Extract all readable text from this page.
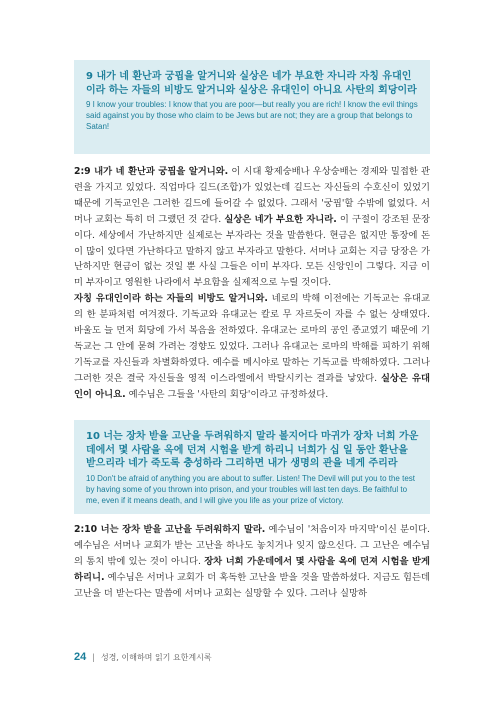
9 내가 네 환난과 궁핍을 알거니와 실상은 네가 부요한 자니라 자칭 유대인이라 하는 자들의 비방도 알거니와 실상은 유대인이 아니요 사탄의 회당이라

9 I know your troubles: I know that you are poor—but really you are rich! I know the evil things said against you by those who claim to be Jews but are not; they are a group that belongs to Satan!

2:9 내가 네 환난과 궁핍을 알거니와. 이 시대 황제숭배나 우상숭배는 경제와 밀접한 관련을 가지고 있었다. 직업마다 길드(조합)가 있었는데 길드는 자신들의 수호신이 있었기 때문에 기독교인은 그러한 길드에 들어갈 수 없었다. 그래서 '궁핍'할 수밖에 없었다. 서머나 교회는 특히 더 그랬던 것 같다. 실상은 네가 부요한 자니라. 이 구절이 강조된 문장이다. 세상에서 가난하지만 실제로는 부자라는 것을 말씀한다. 현금은 없지만 통장에 돈이 많이 있다면 가난하다고 말하지 않고 부자라고 말한다. 서머나 교회는 지금 당장은 가난하지만 현금이 없는 것일 뿐 사실 그들은 이미 부자다. 모든 신앙인이 그렇다. 지금 이미 부자이고 영원한 나라에서 부요함을 실제적으로 누릴 것이다.
자칭 유대인이라 하는 자들의 비방도 알거니와. 네로의 박해 이전에는 기독교는 유대교의 한 분파처럼 여겨졌다. 기독교와 유대교는 칼로 무 자르듯이 자를 수 없는 상태였다. 바울도 늘 먼저 회당에 가서 복음을 전하였다. 유대교는 로마의 공인 종교였기 때문에 기독교는 그 안에 묻혀 가려는 경향도 있었다. 그러나 유대교는 로마의 박해를 피하기 위해 기독교를 자신들과 차별화하였다. 예수를 메시야로 말하는 기독교를 박해하였다. 그러나 그러한 것은 결국 자신들을 영적 이스라엘에서 박탈시키는 결과를 낳았다. 실상은 유대인이 아니요. 예수님은 그들을 '사탄의 회당'이라고 규정하셨다.

10 너는 장차 받을 고난을 두려워하지 말라 볼지어다 마귀가 장차 너희 가운데에서 몇 사람을 옥에 던져 시험을 받게 하리니 너희가 십 일 동안 환난을 받으리라 네가 죽도록 충성하라 그리하면 내가 생명의 관을 네게 주리라

10 Don't be afraid of anything you are about to suffer. Listen! The Devil will put you to the test by having some of you thrown into prison, and your troubles will last ten days. Be faithful to me, even if it means death, and I will give you life as your prize of victory.

2:10 너는 장차 받을 고난을 두려워하지 말라. 예수님이 '처음이자 마지막'이신 분이다. 예수님은 서머나 교회가 받는 고난을 하나도 놓치거나 잊지 않으신다. 그 고난은 예수님의 통치 밖에 있는 것이 아니다. 장차 너희 가운데에서 몇 사람을 옥에 던져 시험을 받게 하리니. 예수님은 서머나 교회가 더 혹독한 고난을 받을 것을 말씀하셨다. 지금도 힘든데 고난을 더 받는다는 말씀에 서머나 교회는 실망할 수 있다. 그러나 실망하
24 | 성경, 이해하며 읽기 요한계시록
